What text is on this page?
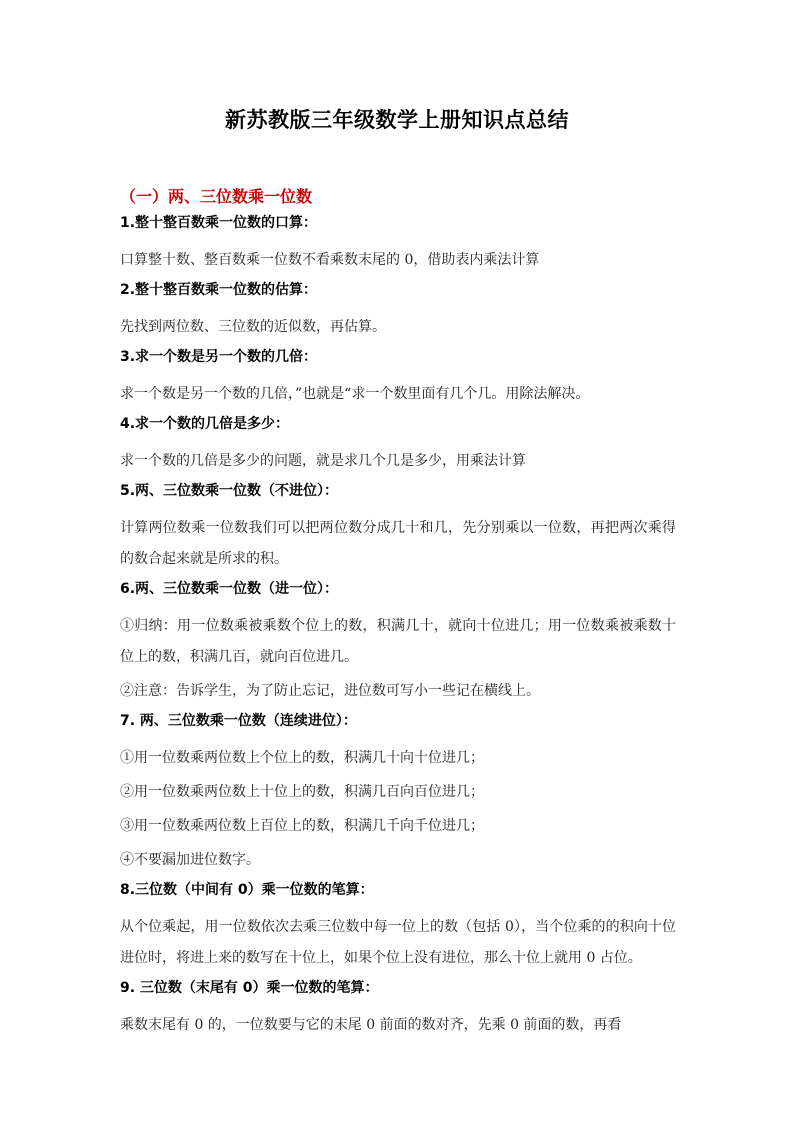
新苏教版三年级数学上册知识点总结
（一）两、三位数乘一位数
1.整十整百数乘一位数的口算：
口算整十数、整百数乘一位数不看乘数末尾的 0，借助表内乘法计算
2.整十整百数乘一位数的估算：
先找到两位数、三位数的近似数，再估算。
3.求一个数是另一个数的几倍：
求一个数是另一个数的几倍，”也就是“求一个数里面有几个几。用除法解决。
4.求一个数的几倍是多少：
求一个数的几倍是多少的问题，就是求几个几是多少，用乘法计算
5.两、三位数乘一位数（不进位）：
计算两位数乘一位数我们可以把两位数分成几十和几，先分别乘以一位数，再把两次乘得的数合起来就是所求的积。
6.两、三位数乘一位数（进一位）：
①归纳：用一位数乘被乘数个位上的数，积满几十，就向十位进几；用一位数乘被乘数十位上的数，积满几百，就向百位进几。
②注意：告诉学生，为了防止忘记，进位数可写小一些记在横线上。
7. 两、三位数乘一位数（连续进位）：
①用一位数乘两位数上个位上的数，积满几十向十位进几；
②用一位数乘两位数上十位上的数，积满几百向百位进几；
③用一位数乘两位数上百位上的数，积满几千向千位进几；
④不要漏加进位数字。
8.三位数（中间有 0）乘一位数的笔算：
从个位乘起，用一位数依次去乘三位数中每一位上的数（包括 0），当个位乘的的积向十位进位时，将进上来的数写在十位上，如果个位上没有进位，那么十位上就用 0 占位。
9. 三位数（末尾有 0）乘一位数的笔算：
乘数末尾有 0 的，一位数要与它的末尾 0 前面的数对齐，先乘 0 前面的数，再看
